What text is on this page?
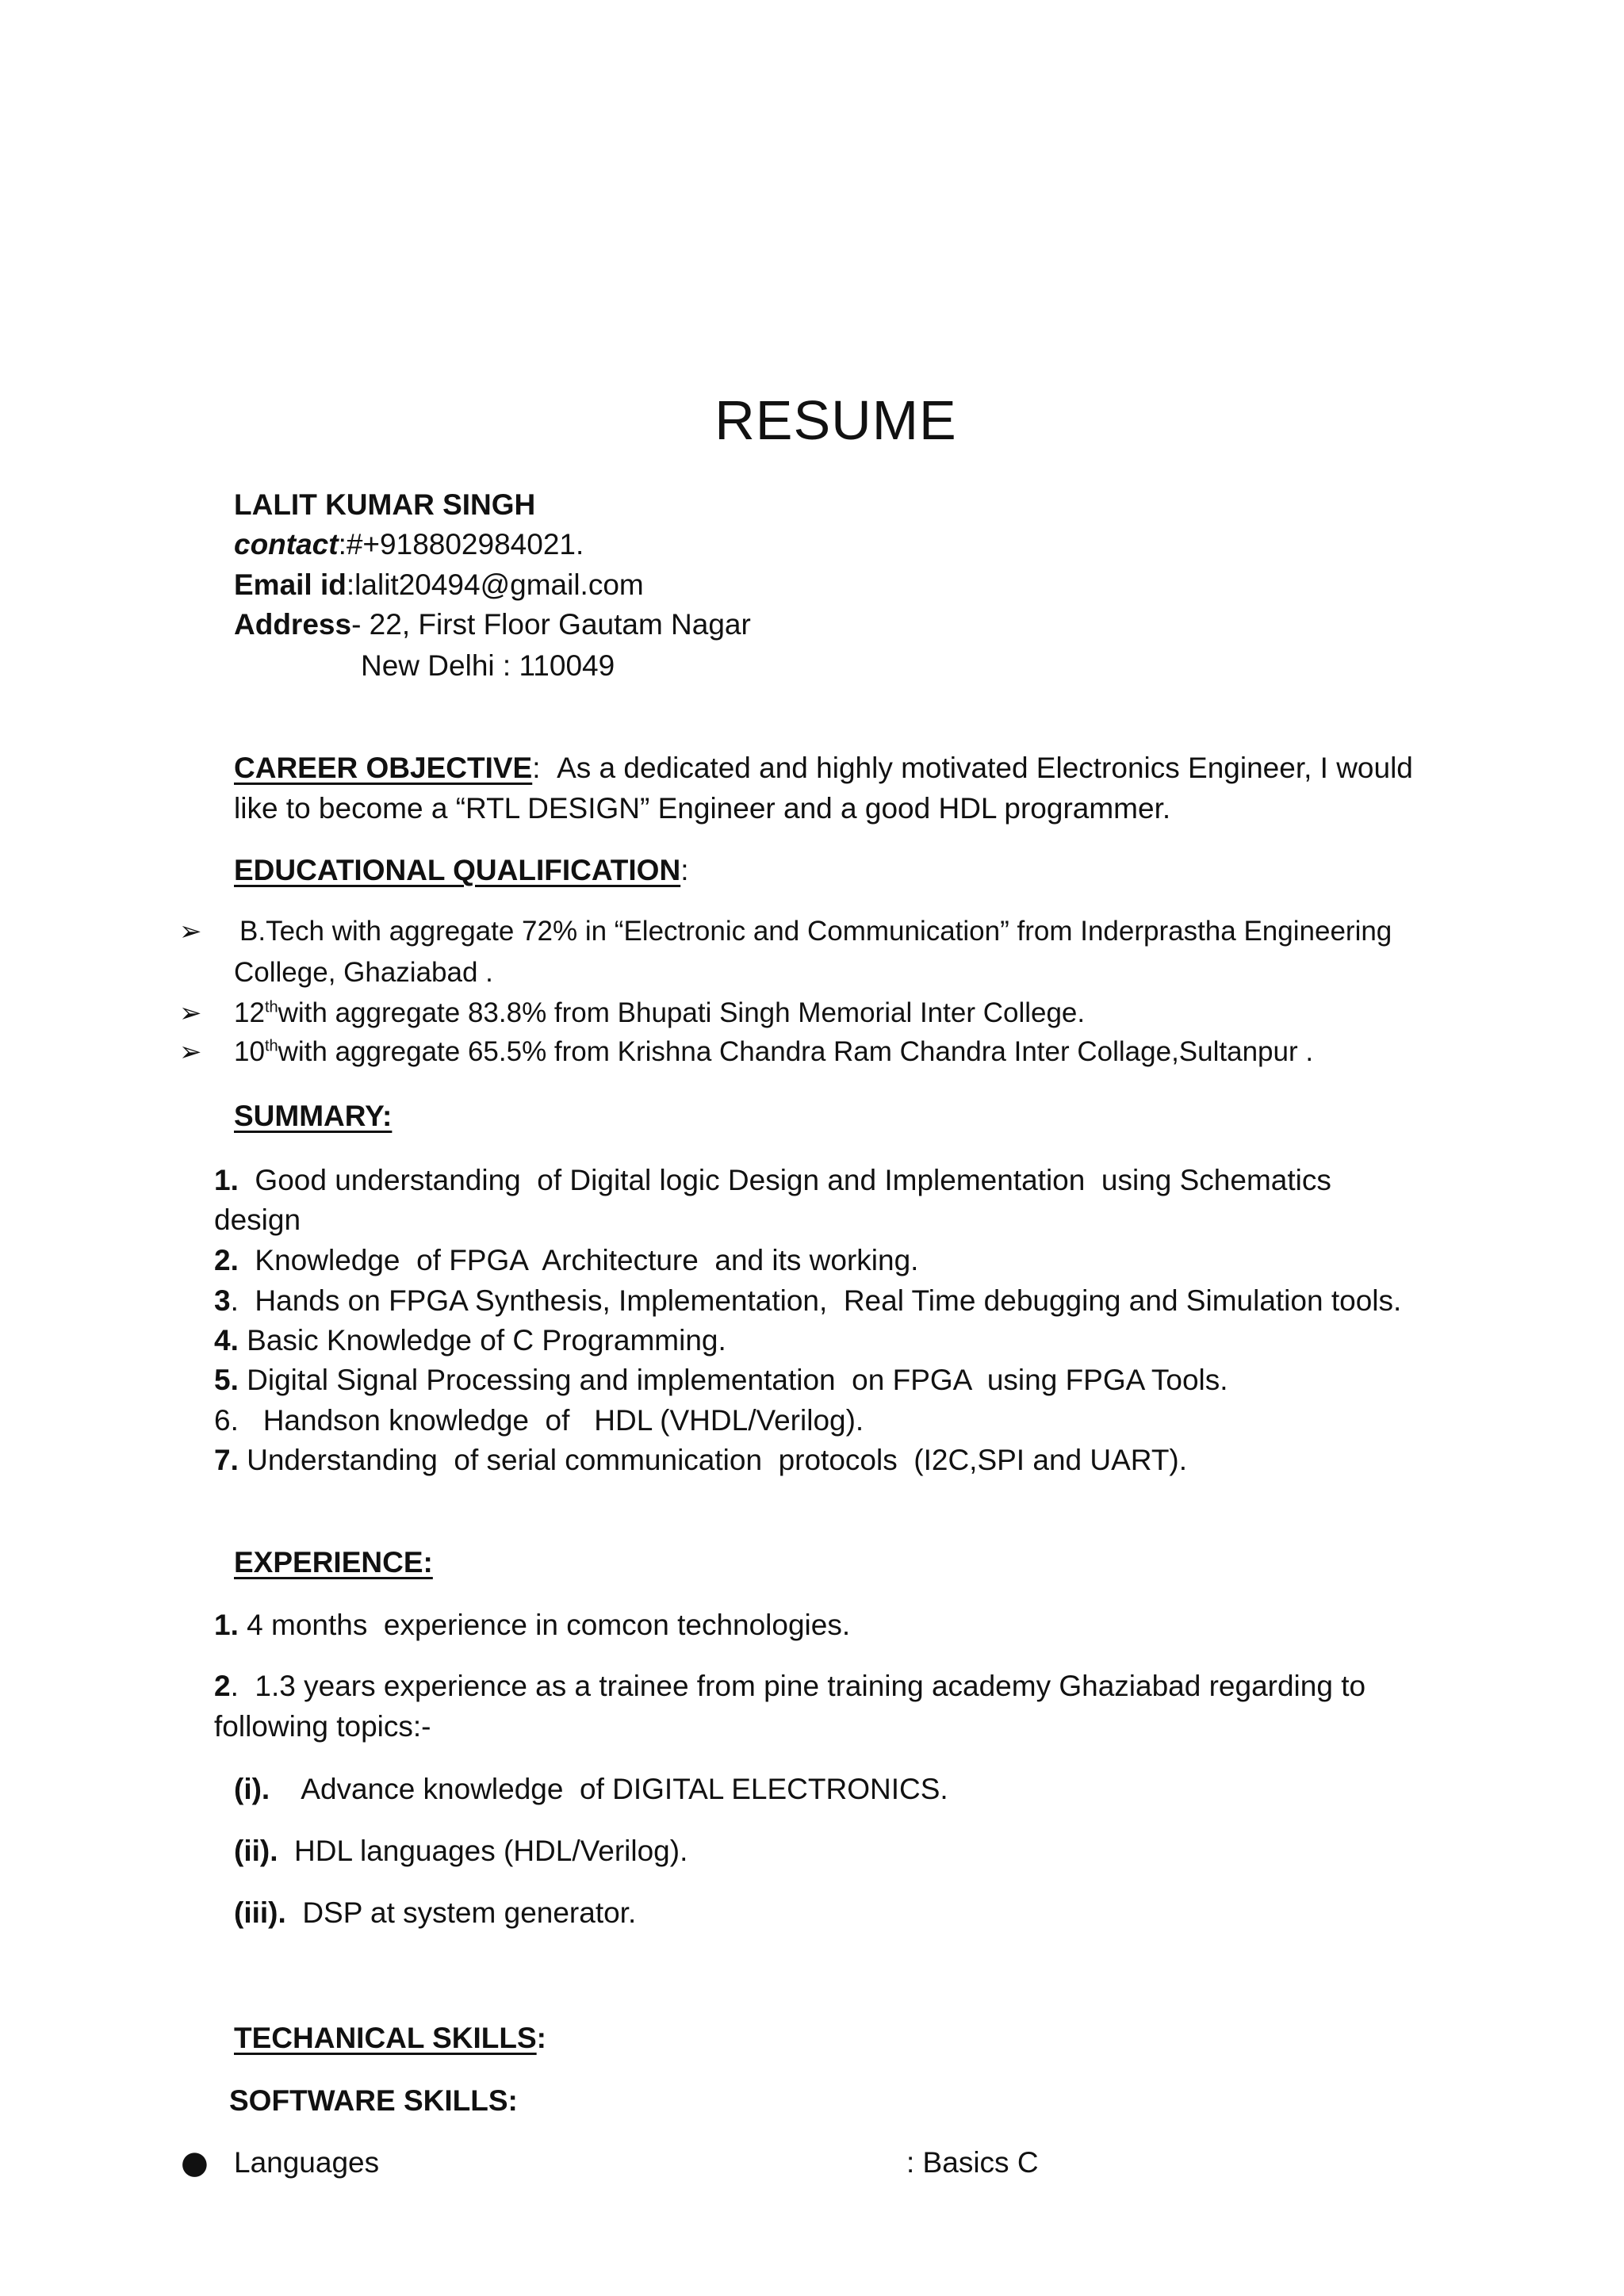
RESUME
LALIT KUMAR SINGH
contact:#+918802984021.
Email id:lalit20494@gmail.com
Address- 22, First Floor Gautam Nagar
New Delhi : 110049
CAREER OBJECTIVE: As a dedicated and highly motivated Electronics Engineer, I would
like to become a “RTL DESIGN” Engineer and a good HDL programmer.
EDUCATIONAL QUALIFICATION:
➢ B.Tech with aggregate 72% in “Electronic and Communication” from Inderprastha Engineering
College, Ghaziabad .
➢ 12thwith aggregate 83.8% from Bhupati Singh Memorial Inter College.
➢ 10thwith aggregate 65.5% from Krishna Chandra Ram Chandra Inter Collage,Sultanpur .
SUMMARY:
1.  Good understanding  of Digital logic Design and Implementation  using Schematics
design
2.  Knowledge  of FPGA  Architecture  and its working.
3.  Hands on FPGA Synthesis, Implementation,  Real Time debugging and Simulation tools.
4. Basic Knowledge of C Programming.
5. Digital Signal Processing and implementation  on FPGA  using FPGA Tools.
6.   Handson knowledge  of   HDL (VHDL/Verilog).
7. Understanding  of serial communication  protocols  (I2C,SPI and UART).
EXPERIENCE:
1. 4 months  experience in comcon technologies.
2.  1.3 years experience as a trainee from pine training academy Ghaziabad regarding to
following topics:-
(i).    Advance knowledge  of DIGITAL ELECTRONICS.
(ii).  HDL languages (HDL/Verilog).
(iii).  DSP at system generator.
TECHANICAL SKILLS:
SOFTWARE SKILLS:
● Languages	: Basics C
